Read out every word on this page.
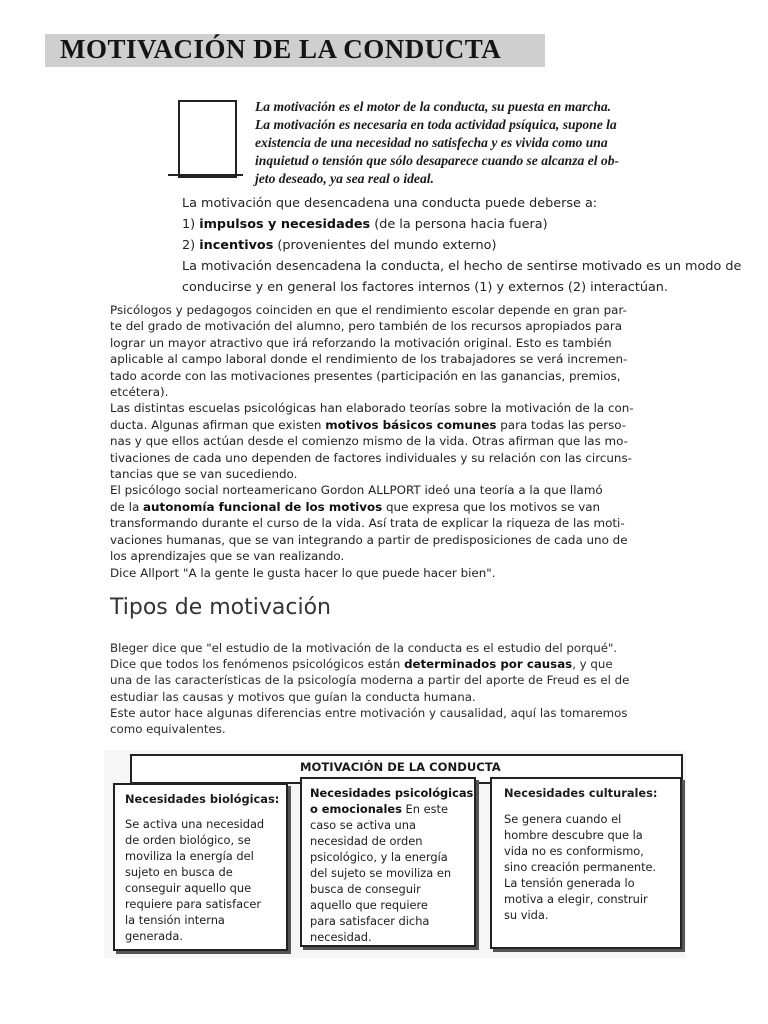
MOTIVACIÓN DE LA CONDUCTA
La motivación es el motor de la conducta, su puesta en marcha.
La motivación es necesaria en toda actividad psíquica, supone la
existencia de una necesidad no satisfecha y es vivida como una
inquietud o tensión que sólo desaparece cuando se alcanza el ob-
jeto deseado, ya sea real o ideal.
La motivación que desencadena una conducta puede deberse a:
1) impulsos y necesidades (de la persona hacia fuera)
2) incentivos (provenientes del mundo externo)
La motivación desencadena la conducta, el hecho de sentirse motivado es un modo de
conducirse y en general los factores internos (1) y externos (2) interactúan.
Psicólogos y pedagogos coinciden en que el rendimiento escolar depende en gran par-
te del grado de motivación del alumno, pero también de los recursos apropiados para
lograr un mayor atractivo que irá reforzando la motivación original. Esto es también
aplicable al campo laboral donde el rendimiento de los trabajadores se verá incremen-
tado acorde con las motivaciones presentes (participación en las ganancias, premios,
etcétera).
Las distintas escuelas psicológicas han elaborado teorías sobre la motivación de la con-
ducta. Algunas afirman que existen motivos básicos comunes para todas las perso-
nas y que ellos actúan desde el comienzo mismo de la vida. Otras afirman que las mo-
tivaciones de cada uno dependen de factores individuales y su relación con las circuns-
tancias que se van sucediendo.
El psicólogo social norteamericano Gordon ALLPORT ideó una teoría a la que llamó
de la autonomía funcional de los motivos que expresa que los motivos se van
transformando durante el curso de la vida. Así trata de explicar la riqueza de las moti-
vaciones humanas, que se van integrando a partir de predisposiciones de cada uno de
los aprendizajes que se van realizando.
Dice Allport "A la gente le gusta hacer lo que puede hacer bien".
Tipos de motivación
Bleger dice que "el estudio de la motivación de la conducta es el estudio del porqué".
Dice que todos los fenómenos psicológicos están determinados por causas, y que
una de las características de la psicología moderna a partir del aporte de Freud es el de
estudiar las causas y motivos que guían la conducta humana.
Este autor hace algunas diferencias entre motivación y causalidad, aquí las tomaremos
como equivalentes.
MOTIVACIÓN DE LA CONDUCTA
Necesidades biológicas:
Se activa una necesidad
de orden biológico, se
moviliza la energía del
sujeto en busca de
conseguir aquello que
requiere para satisfacer
la tensión interna
generada.
Necesidades psicológicas
o emocionales En este
caso se activa una
necesidad de orden
psicológico, y la energía
del sujeto se moviliza en
busca de conseguir
aquello que requiere
para satisfacer dicha
necesidad.
Necesidades culturales:
Se genera cuando el
hombre descubre que la
vida no es conformismo,
sino creación permanente.
La tensión generada lo
motiva a elegir, construir
su vida.
